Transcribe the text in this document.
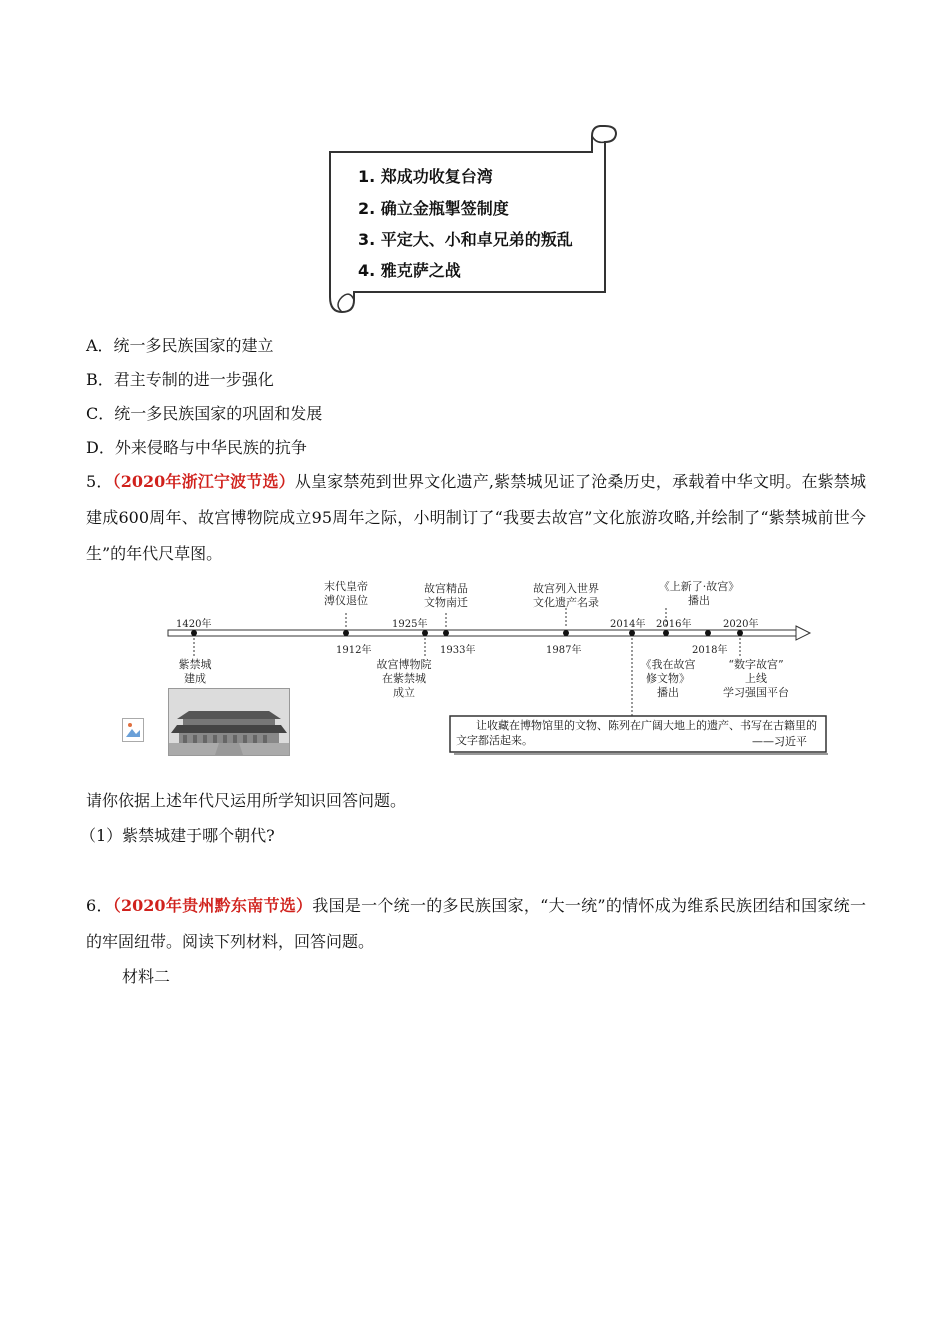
1. 郑成功收复台湾
2. 确立金瓶掣签制度
3. 平定大、小和卓兄弟的叛乱
4. 雅克萨之战
A．统一多民族国家的建立
B．君主专制的进一步强化
C．统一多民族国家的巩固和发展
D．外来侵略与中华民族的抗争
5．（2020年浙江宁波节选）从皇家禁苑到世界文化遗产,紫禁城见证了沧桑历史，承载着中华文明。在紫禁城建成600周年、故宫博物院成立95周年之际，小明制订了“我要去故宫”文化旅游攻略,并绘制了“紫禁城前世今生”的年代尺草图。
末代皇帝
溥仪退位
故宫精品
文物南迁
故宫列入世界
文化遗产名录
《上新了·故宫》
播出
1420年	1925年	2014年 2016年	2020年
1912年	1933年	1987年	2018年
紫禁城
建成
故宫博物院
在紫禁城
成立
《我在故宫
修文物》
播出
“数字故宫”
上线
学习强国平台
让收藏在博物馆里的文物、陈列在广阔大地上的遗产、书写在古籍里的文字都活起来。	——习近平
请你依据上述年代尺运用所学知识回答问题。
（1）紫禁城建于哪个朝代?
6．（2020年贵州黔东南节选）我国是一个统一的多民族国家，“大一统”的情怀成为维系民族团结和国家统一的牢固纽带。阅读下列材料，回答问题。
材料二
